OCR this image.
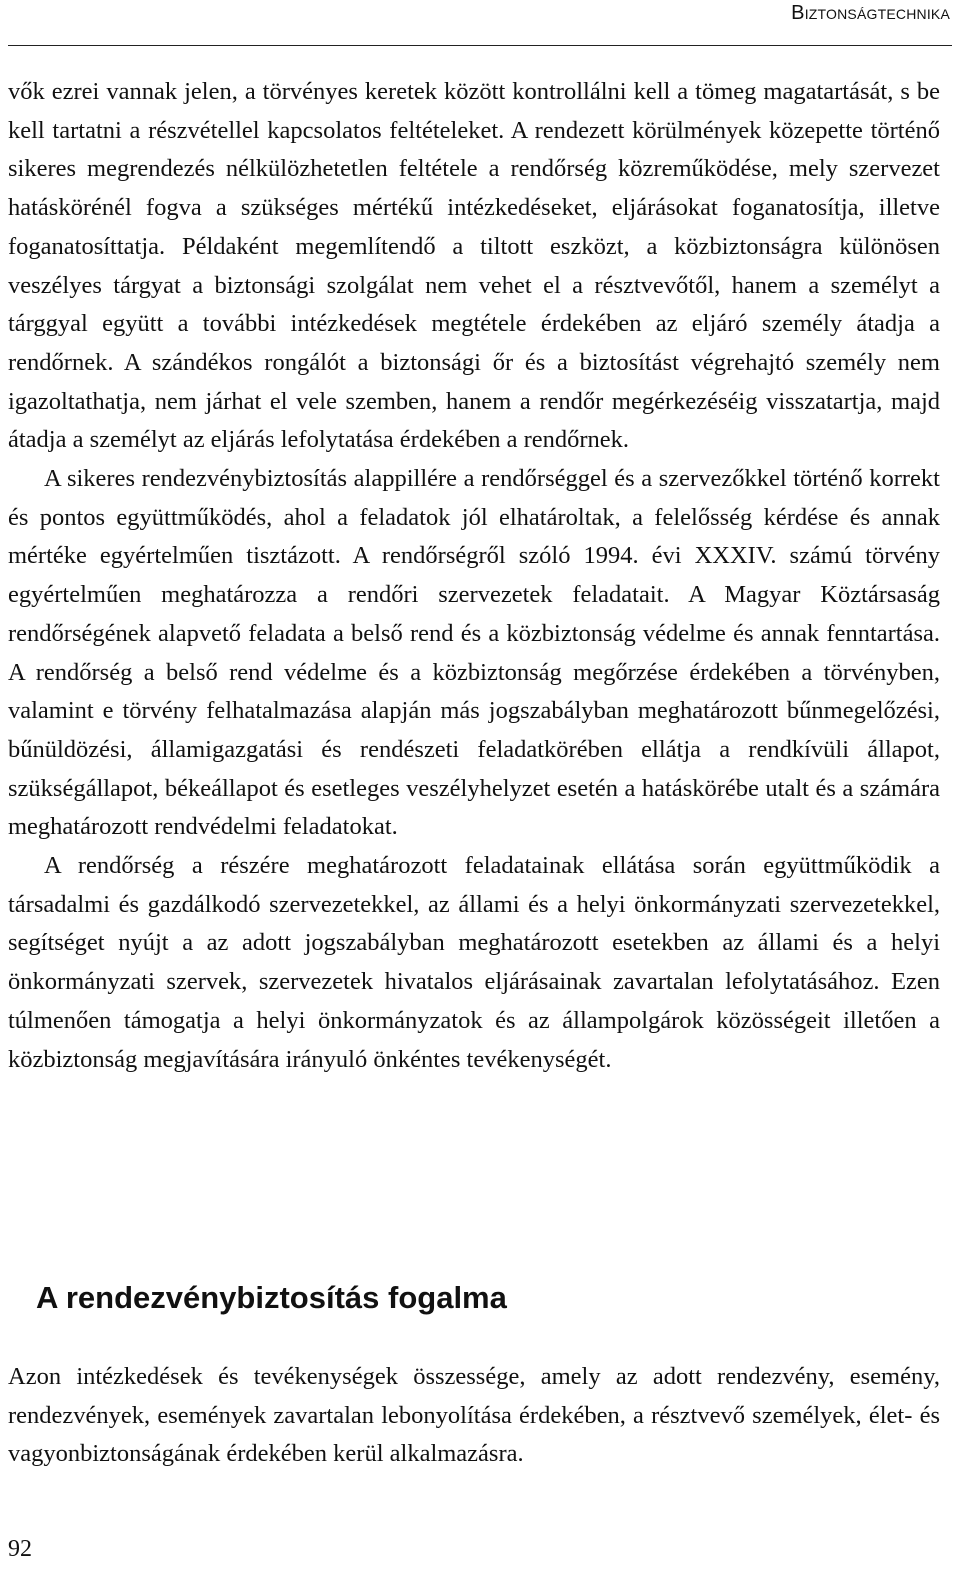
Biztonságtechnika

vők ezrei vannak jelen, a törvényes keretek között kontrollálni kell a tömeg magatartását, s be kell tartatni a részvétellel kapcsolatos feltételeket. A rendezett körülmények közepette történő sikeres megrendezés nélkülözhetetlen feltétele a rendőrség közreműködése, mely szervezet hatáskörénél fogva a szükséges mértékű intézkedéseket, eljárásokat foganatosítja, illetve foganatosíttatja. Példaként megemlítendő a tiltott eszközt, a közbiztonságra különösen veszélyes tárgyat a biztonsági szolgálat nem vehet el a résztvevőtől, hanem a személyt a tárggyal együtt a további intézkedések megtétele érdekében az eljáró személy átadja a rendőrnek. A szándékos rongálót a biztonsági őr és a biztosítást végrehajtó személy nem igazoltathatja, nem járhat el vele szemben, hanem a rendőr megérkezéséig visszatartja, majd átadja a személyt az eljárás lefolytatása érdekében a rendőrnek.

A sikeres rendezvénybiztosítás alappillére a rendőrséggel és a szervezőkkel történő korrekt és pontos együttműködés, ahol a feladatok jól elhatároltak, a felelősség kérdése és annak mértéke egyértelműen tisztázott. A rendőrségről szóló 1994. évi XXXIV. számú törvény egyértelműen meghatározza a rendőri szervezetek feladatait. A Magyar Köztársaság rendőrségének alapvető feladata a belső rend és a közbiztonság védelme és annak fenntartása. A rendőrség a belső rend védelme és a közbiztonság megőrzése érdekében a törvényben, valamint e törvény felhatalmazása alapján más jogszabályban meghatározott bűnmegelőzési, bűnüldözési, államigazgatási és rendészeti feladatkörében ellátja a rendkívüli állapot, szükségállapot, békeállapot és esetleges veszélyhelyzet esetén a hatáskörébe utalt és a számára meghatározott rendvédelmi feladatokat.

A rendőrség a részére meghatározott feladatainak ellátása során együttműködik a társadalmi és gazdálkodó szervezetekkel, az állami és a helyi önkormányzati szervezetekkel, segítséget nyújt a az adott jogszabályban meghatározott esetekben az állami és a helyi önkormányzati szervek, szervezetek hivatalos eljárásainak zavartalan lefolytatásához. Ezen túlmenően támogatja a helyi önkormányzatok és az állampolgárok közösségeit illetően a közbiztonság megjavítására irányuló önkéntes tevékenységét.

A rendezvénybiztosítás fogalma

Azon intézkedések és tevékenységek összessége, amely az adott rendezvény, esemény, rendezvények, események zavartalan lebonyolítása érdekében, a résztvevő személyek, élet- és vagyonbiztonságának érdekében kerül alkalmazásra.

92
